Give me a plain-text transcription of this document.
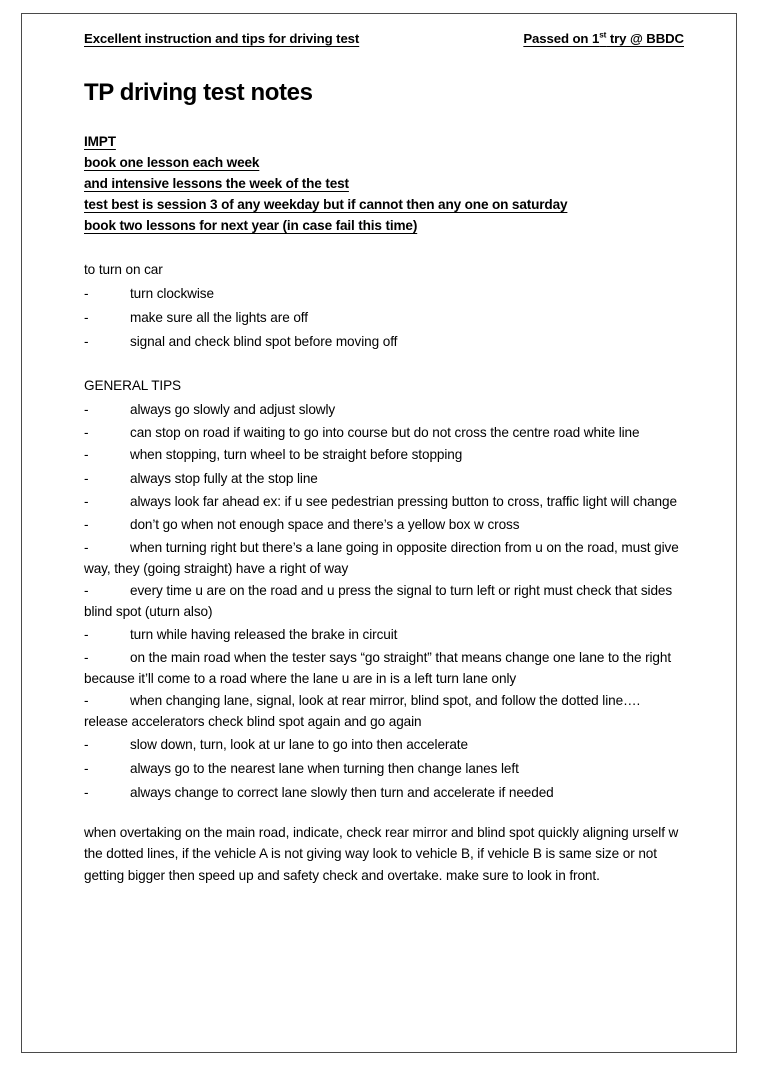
Excellent instruction and tips for driving test	Passed on 1st try @ BBDC
TP driving test notes
IMPT
book one lesson each week
and intensive lessons the week of the test
test best is session 3 of any weekday but if cannot then any one on saturday
book two lessons for next year (in case fail this time)
to turn on car
-	turn clockwise
-	make sure all the lights are off
-	signal and check blind spot before moving off
GENERAL TIPS
-	always go slowly and adjust slowly
-	can stop on road if waiting to go into course but do not cross the centre road white line
-	when stopping, turn wheel to be straight before stopping
-	always stop fully at the stop line
-	always look far ahead ex: if u see pedestrian pressing button to cross, traffic light will change
-	don’t go when not enough space and there’s a yellow box w cross
-	when turning right but there’s a lane going in opposite direction from u on the road, must give way, they (going straight) have a right of way
-	every time u are on the road and u press the signal to turn left or right must check that sides blind spot (uturn also)
-	turn while having released the brake in circuit
-	on the main road when the tester says “go straight” that means change one lane to the right because it’ll come to a road where the lane u are in is a left turn lane only
-	when changing lane, signal, look at rear mirror, blind spot, and follow the dotted line…. release accelerators check blind spot again and go again
-	slow down, turn, look at ur lane to go into then accelerate
-	always go to the nearest lane when turning then change lanes left
-	always change to correct lane slowly then turn and accelerate if needed

when overtaking on the main road, indicate, check rear mirror and blind spot quickly aligning urself w the dotted lines, if the vehicle A is not giving way look to vehicle B, if vehicle B is same size or not getting bigger then speed up and safety check and overtake. make sure to look in front.
